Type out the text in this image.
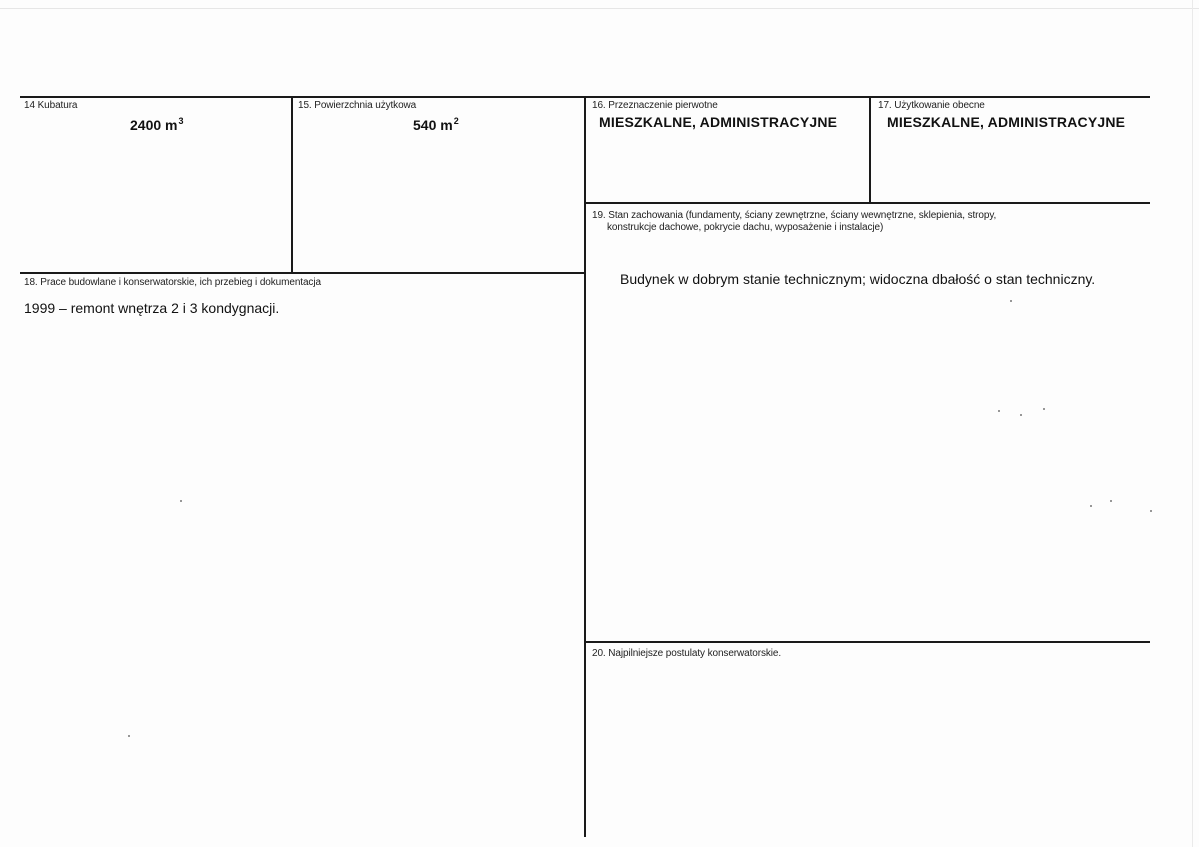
14 Kubatura
2400 $m^3$
15. Powierzchnia użytkowa
540 $m^2$
16. Przeznaczenie pierwotne
MIESZKALNE, ADMINISTRACYJNE
17. Użytkowanie obecne
MIESZKALNE, ADMINISTRACYJNE
19. Stan zachowania (fundamenty, ściany zewnętrzne, ściany wewnętrzne, sklepienia, stropy,
konstrukcje dachowe, pokrycie dachu, wyposażenie i instalacje)
Budynek w dobrym stanie technicznym; widoczna dbałość o stan techniczny.
18. Prace budowlane i konserwatorskie, ich przebieg i dokumentacja
1999 – remont wnętrza 2 i 3 kondygnacji.
20. Najpilniejsze postulaty konserwatorskie.
